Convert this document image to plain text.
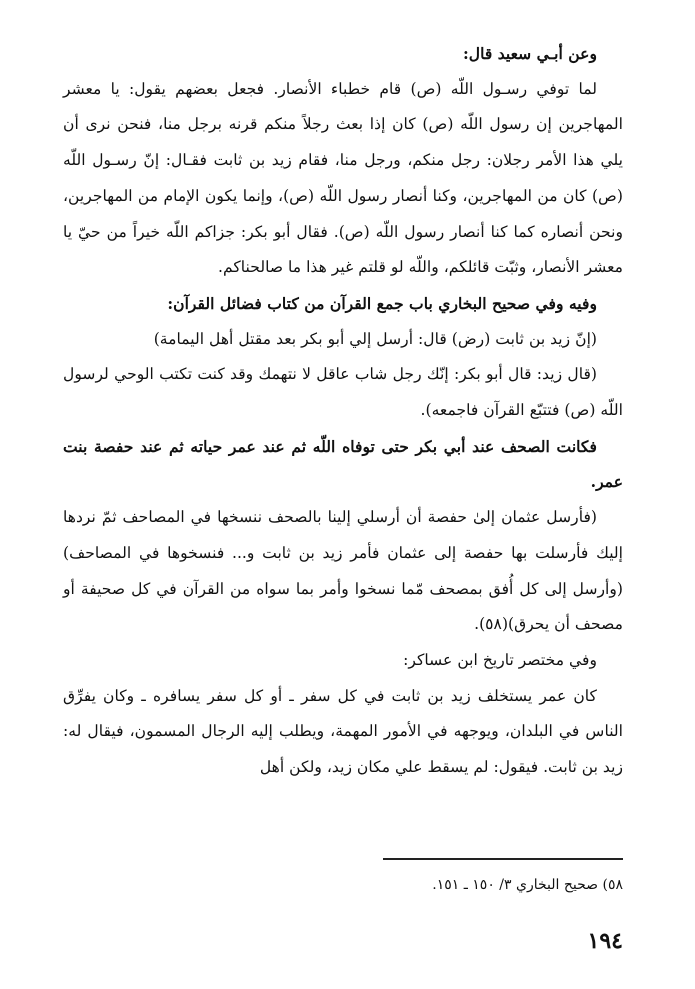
وعن أبـي سعيد قال:

لما توفي رسـول اللّه (ص) قام خطباء الأنصار. فجعل بعضهم يقول: يا معشر المهاجرين إن رسول اللّه (ص) كان إذا بعث رجلاً منكم قرنه برجل منا، فنحن نرى أن يلي هذا الأمر رجلان: رجل منكم، ورجل منا، فقام زيد بن ثابت فقـال: إنّ رسـول اللّه (ص) كان من المهاجرين، وكنا أنصار رسول اللّه (ص)، وإنما يكون الإمام من المهاجرين، ونحن أنصاره كما كنا أنصار رسول اللّه (ص). فقال أبو بكر: جزاكم اللّه خيراً من حيّ يا معشر الأنصار، وثبّت قائلكم، واللّه لو قلتم غير هذا ما صالحناكم.

وفيه وفي صحيح البخاري باب جمع القرآن من كتاب فضائل القرآن:

(إنّ زيد بن ثابت (رض) قال: أرسل إلي أبو بكر بعد مقتل أهل اليمامة)

(قال زيد: قال أبو بكر: إنّك رجل شاب عاقل لا نتهمك وقد كنت تكتب الوحي لرسول اللّه (ص) فتتبّع القرآن فاجمعه).

فكانت الصحف عند أبي بكر حتى توفاه اللّه ثم عند عمر حياته ثم عند حفصة بنت عمر.

(فأرسل عثمان إلىٰ حفصة أن أرسلي إلينا بالصحف ننسخها في المصاحف ثمّ نردها إليك فأرسلت بها حفصة إلى عثمان فأمر زيد بن ثابت و... فنسخوها في المصاحف) (وأرسل إلى كل أُفق بمصحف مّما نسخوا وأمر بما سواه من القرآن في كل صحيفة أو مصحف أن يحرق)(٥٨).

وفي مختصر تاريخ ابن عساكر:

كان عمر يستخلف زيد بن ثابت في كل سفر ـ أو كل سفر يسافره ـ وكان يفرِّق الناس في البلدان، ويوجهه في الأمور المهمة، ويطلب إليه الرجال المسمون، فيقال له: زيد بن ثابت. فيقول: لم يسقط علي مكان زيد، ولكن أهل

٥٨) صحيح البخاري ٣/ ١٥٠ ـ ١٥١.
١٩٤
